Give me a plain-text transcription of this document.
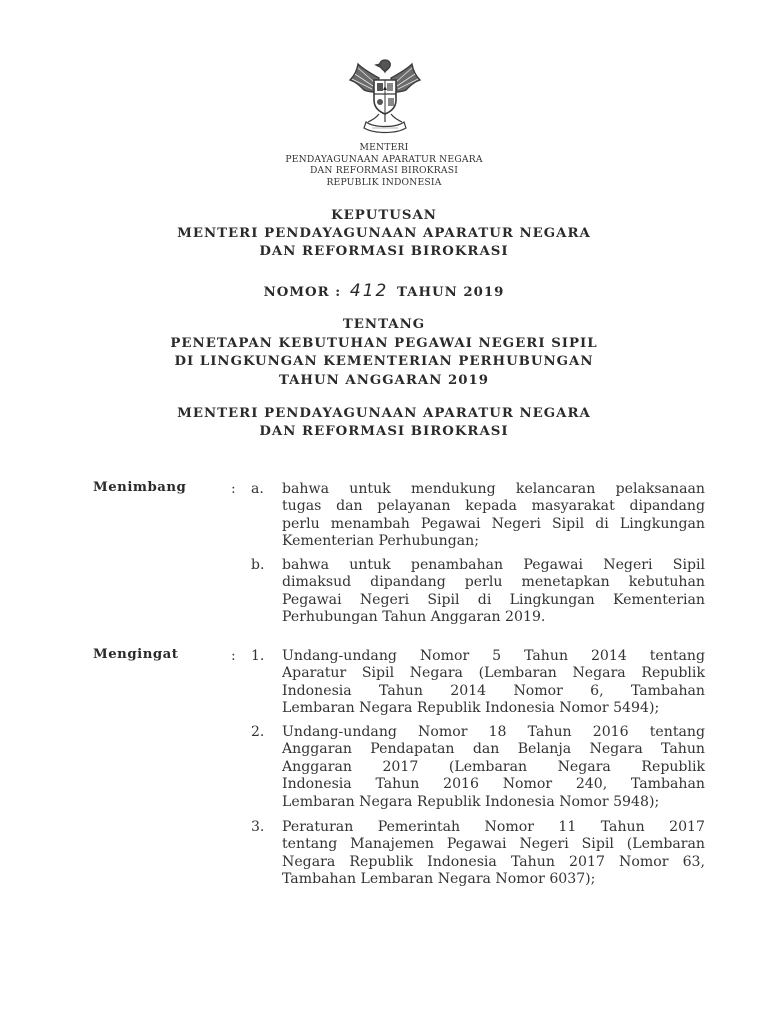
MENTERI
PENDAYAGUNAAN APARATUR NEGARA
DAN REFORMASI BIROKRASI
REPUBLIK INDONESIA
KEPUTUSAN
MENTERI PENDAYAGUNAAN APARATUR NEGARA
DAN REFORMASI BIROKRASI
NOMOR : 412 TAHUN 2019
TENTANG
PENETAPAN KEBUTUHAN PEGAWAI NEGERI SIPIL
DI LINGKUNGAN KEMENTERIAN PERHUBUNGAN
TAHUN ANGGARAN 2019
MENTERI PENDAYAGUNAAN APARATUR NEGARA
DAN REFORMASI BIROKRASI
Menimbang	: a. bahwa untuk mendukung kelancaran pelaksanaan
tugas dan pelayanan kepada masyarakat dipandang
perlu menambah Pegawai Negeri Sipil di Lingkungan
Kementerian Perhubungan;
b. bahwa untuk penambahan Pegawai Negeri Sipil
dimaksud dipandang perlu menetapkan kebutuhan
Pegawai Negeri Sipil di Lingkungan Kementerian
Perhubungan Tahun Anggaran 2019.
Mengingat	: 1. Undang-undang Nomor 5 Tahun 2014 tentang
Aparatur Sipil Negara (Lembaran Negara Republik
Indonesia Tahun 2014 Nomor 6, Tambahan
Lembaran Negara Republik Indonesia Nomor 5494);
2. Undang-undang Nomor 18 Tahun 2016 tentang
Anggaran Pendapatan dan Belanja Negara Tahun
Anggaran 2017 (Lembaran Negara Republik
Indonesia Tahun 2016 Nomor 240, Tambahan
Lembaran Negara Republik Indonesia Nomor 5948);
3. Peraturan Pemerintah Nomor 11 Tahun 2017
tentang Manajemen Pegawai Negeri Sipil (Lembaran
Negara Republik Indonesia Tahun 2017 Nomor 63,
Tambahan Lembaran Negara Nomor 6037);
